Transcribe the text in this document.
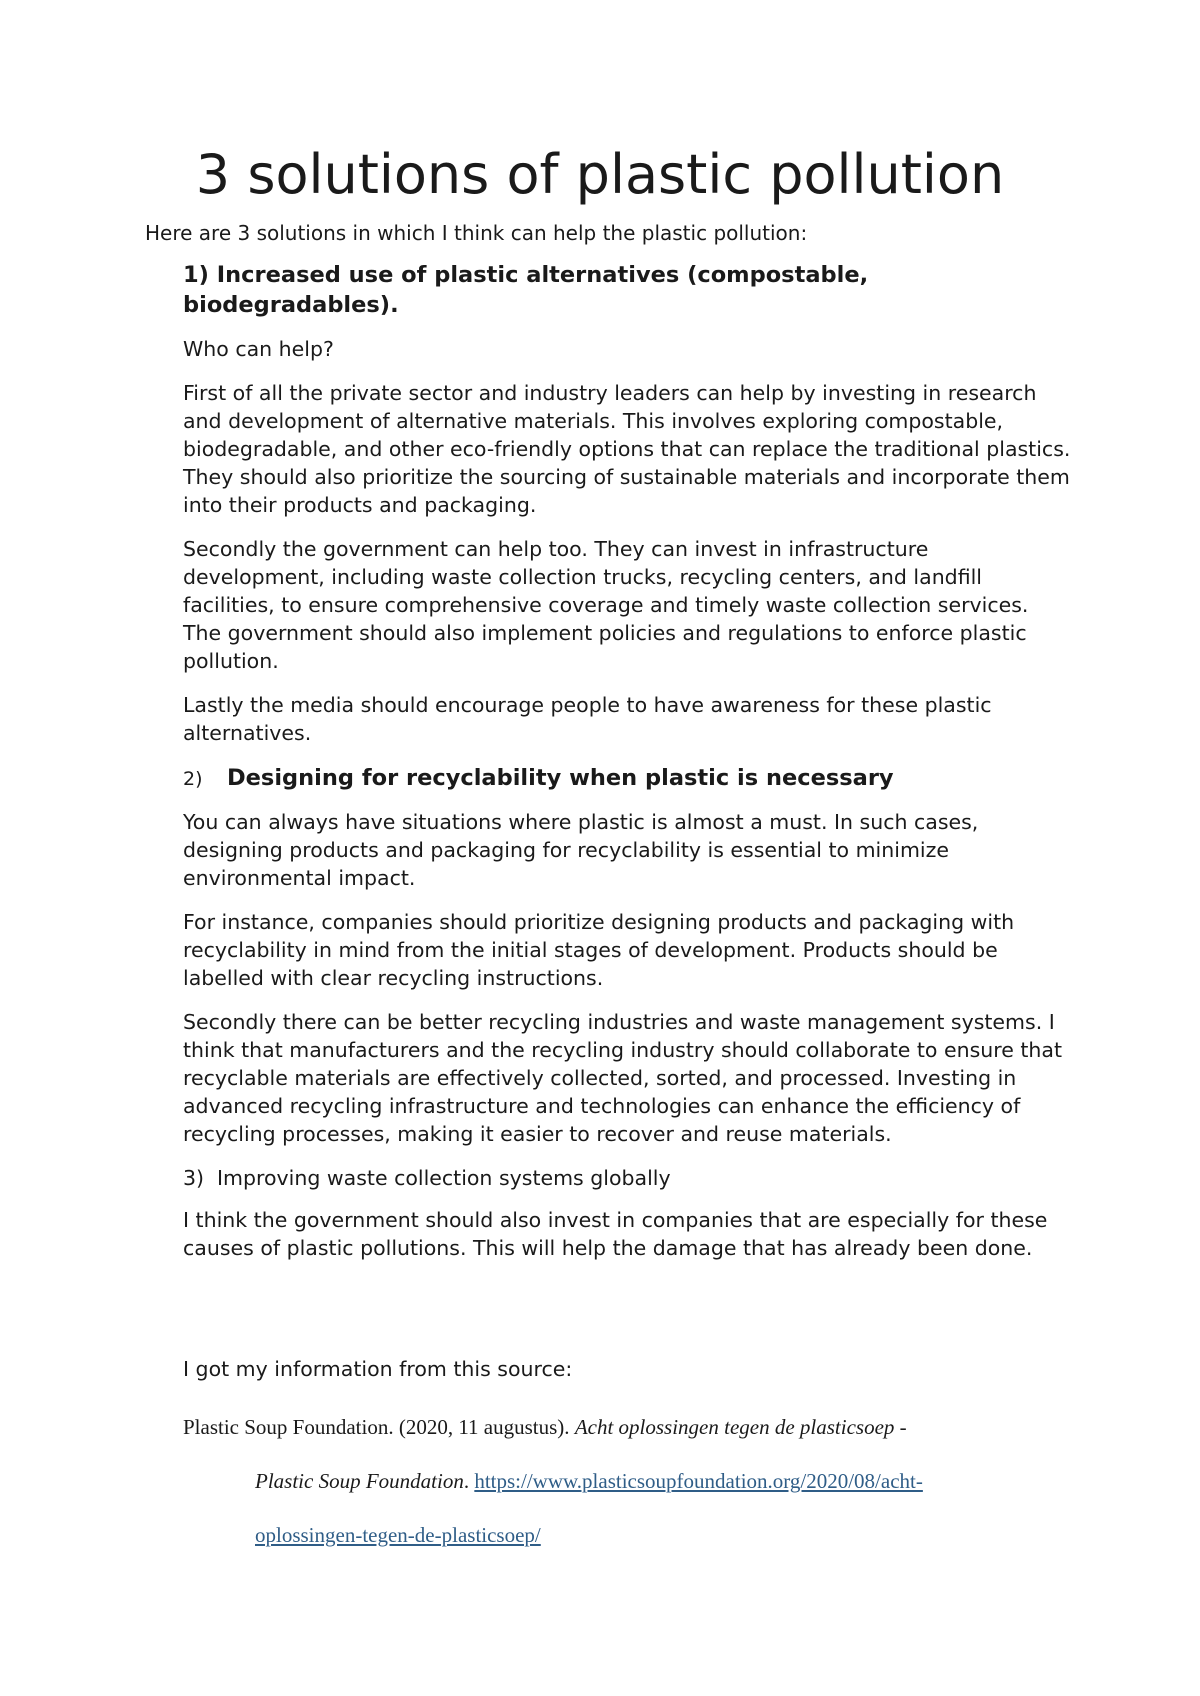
3 solutions of plastic pollution

Here are 3 solutions in which I think can help the plastic pollution:

1) Increased use of plastic alternatives (compostable, biodegradables).

Who can help?

First of all the private sector and industry leaders can help by investing in research and development of alternative materials. This involves exploring compostable, biodegradable, and other eco-friendly options that can replace the traditional plastics. They should also prioritize the sourcing of sustainable materials and incorporate them into their products and packaging.

Secondly the government can help too. They can invest in infrastructure development, including waste collection trucks, recycling centers, and landfill facilities, to ensure comprehensive coverage and timely waste collection services. The government should also implement policies and regulations to enforce plastic pollution.

Lastly the media should encourage people to have awareness for these plastic alternatives.

2) Designing for recyclability when plastic is necessary

You can always have situations where plastic is almost a must. In such cases, designing products and packaging for recyclability is essential to minimize environmental impact.

For instance, companies should prioritize designing products and packaging with recyclability in mind from the initial stages of development. Products should be labelled with clear recycling instructions.

Secondly there can be better recycling industries and waste management systems. I think that manufacturers and the recycling industry should collaborate to ensure that recyclable materials are effectively collected, sorted, and processed. Investing in advanced recycling infrastructure and technologies can enhance the efficiency of recycling processes, making it easier to recover and reuse materials.

3) Improving waste collection systems globally

I think the government should also invest in companies that are especially for these causes of plastic pollutions. This will help the damage that has already been done.

I got my information from this source:

Plastic Soup Foundation. (2020, 11 augustus). Acht oplossingen tegen de plasticsoep -
Plastic Soup Foundation. https://www.plasticsoupfoundation.org/2020/08/acht-
oplossingen-tegen-de-plasticsoep/
